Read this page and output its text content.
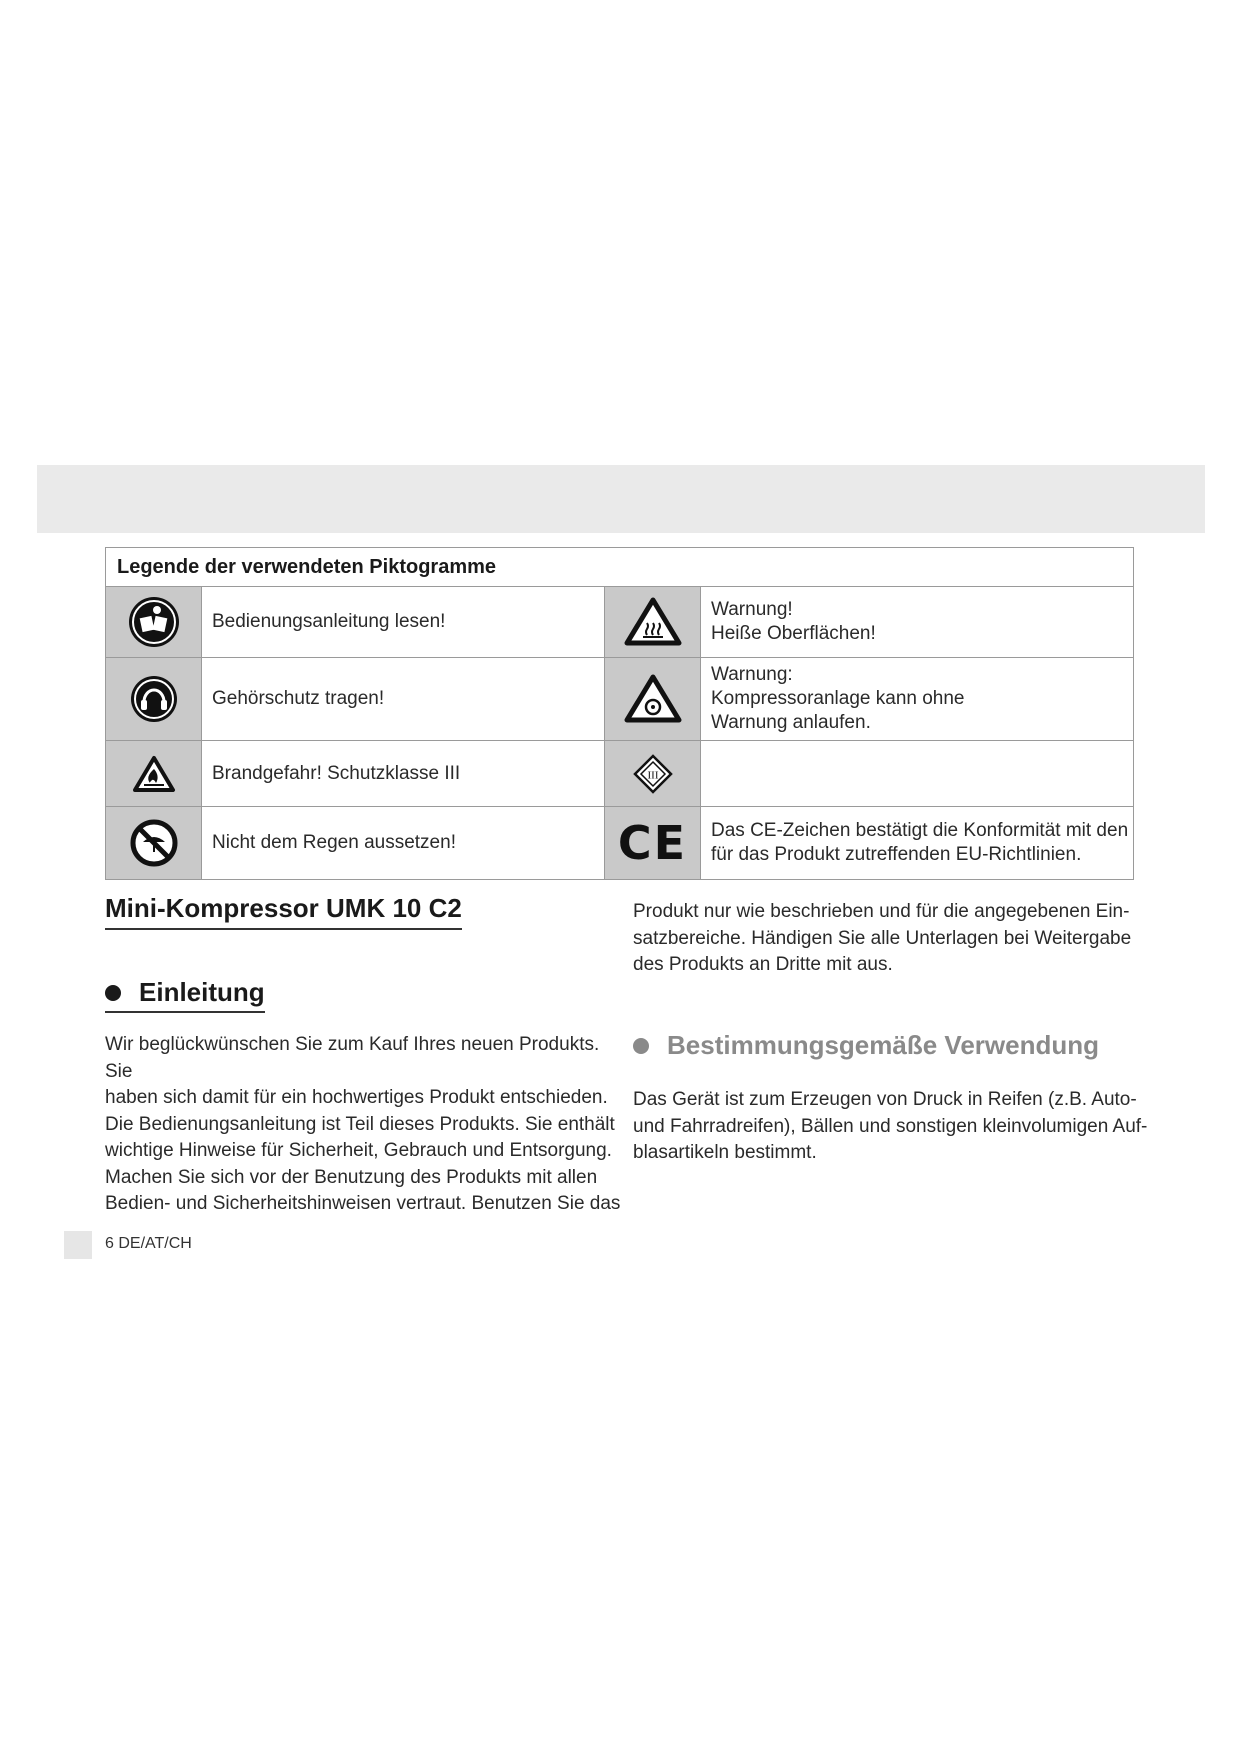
Legende der verwendeten Piktogramme
Bedienungsanleitung lesen!
Warnung!
Heiße Oberflächen!
Gehörschutz tragen!
Warnung:
Kompressoranlage kann ohne
Warnung anlaufen.
Brandgefahr! Schutzklasse III	III
Nicht dem Regen aussetzen!	CE Das CE-Zeichen bestätigt die Konformität mit den
für das Produkt zutreffenden EU-Richtlinien.
Mini-Kompressor UMK 10 C2
Einleitung
Wir beglückwünschen Sie zum Kauf Ihres neuen Produkts. Sie
haben sich damit für ein hochwertiges Produkt entschieden.
Die Bedienungsanleitung ist Teil dieses Produkts. Sie enthält
wichtige Hinweise für Sicherheit, Gebrauch und Entsorgung.
Machen Sie sich vor der Benutzung des Produkts mit allen
Bedien- und Sicherheitshinweisen vertraut. Benutzen Sie das
Produkt nur wie beschrieben und für die angegebenen Ein-
satzbereiche. Händigen Sie alle Unterlagen bei Weitergabe
des Produkts an Dritte mit aus.
Bestimmungsgemäße Verwendung
Das Gerät ist zum Erzeugen von Druck in Reifen (z.B. Auto-
und Fahrradreifen), Bällen und sonstigen kleinvolumigen Auf-
blasartikeln bestimmt.
6 DE/AT/CH
